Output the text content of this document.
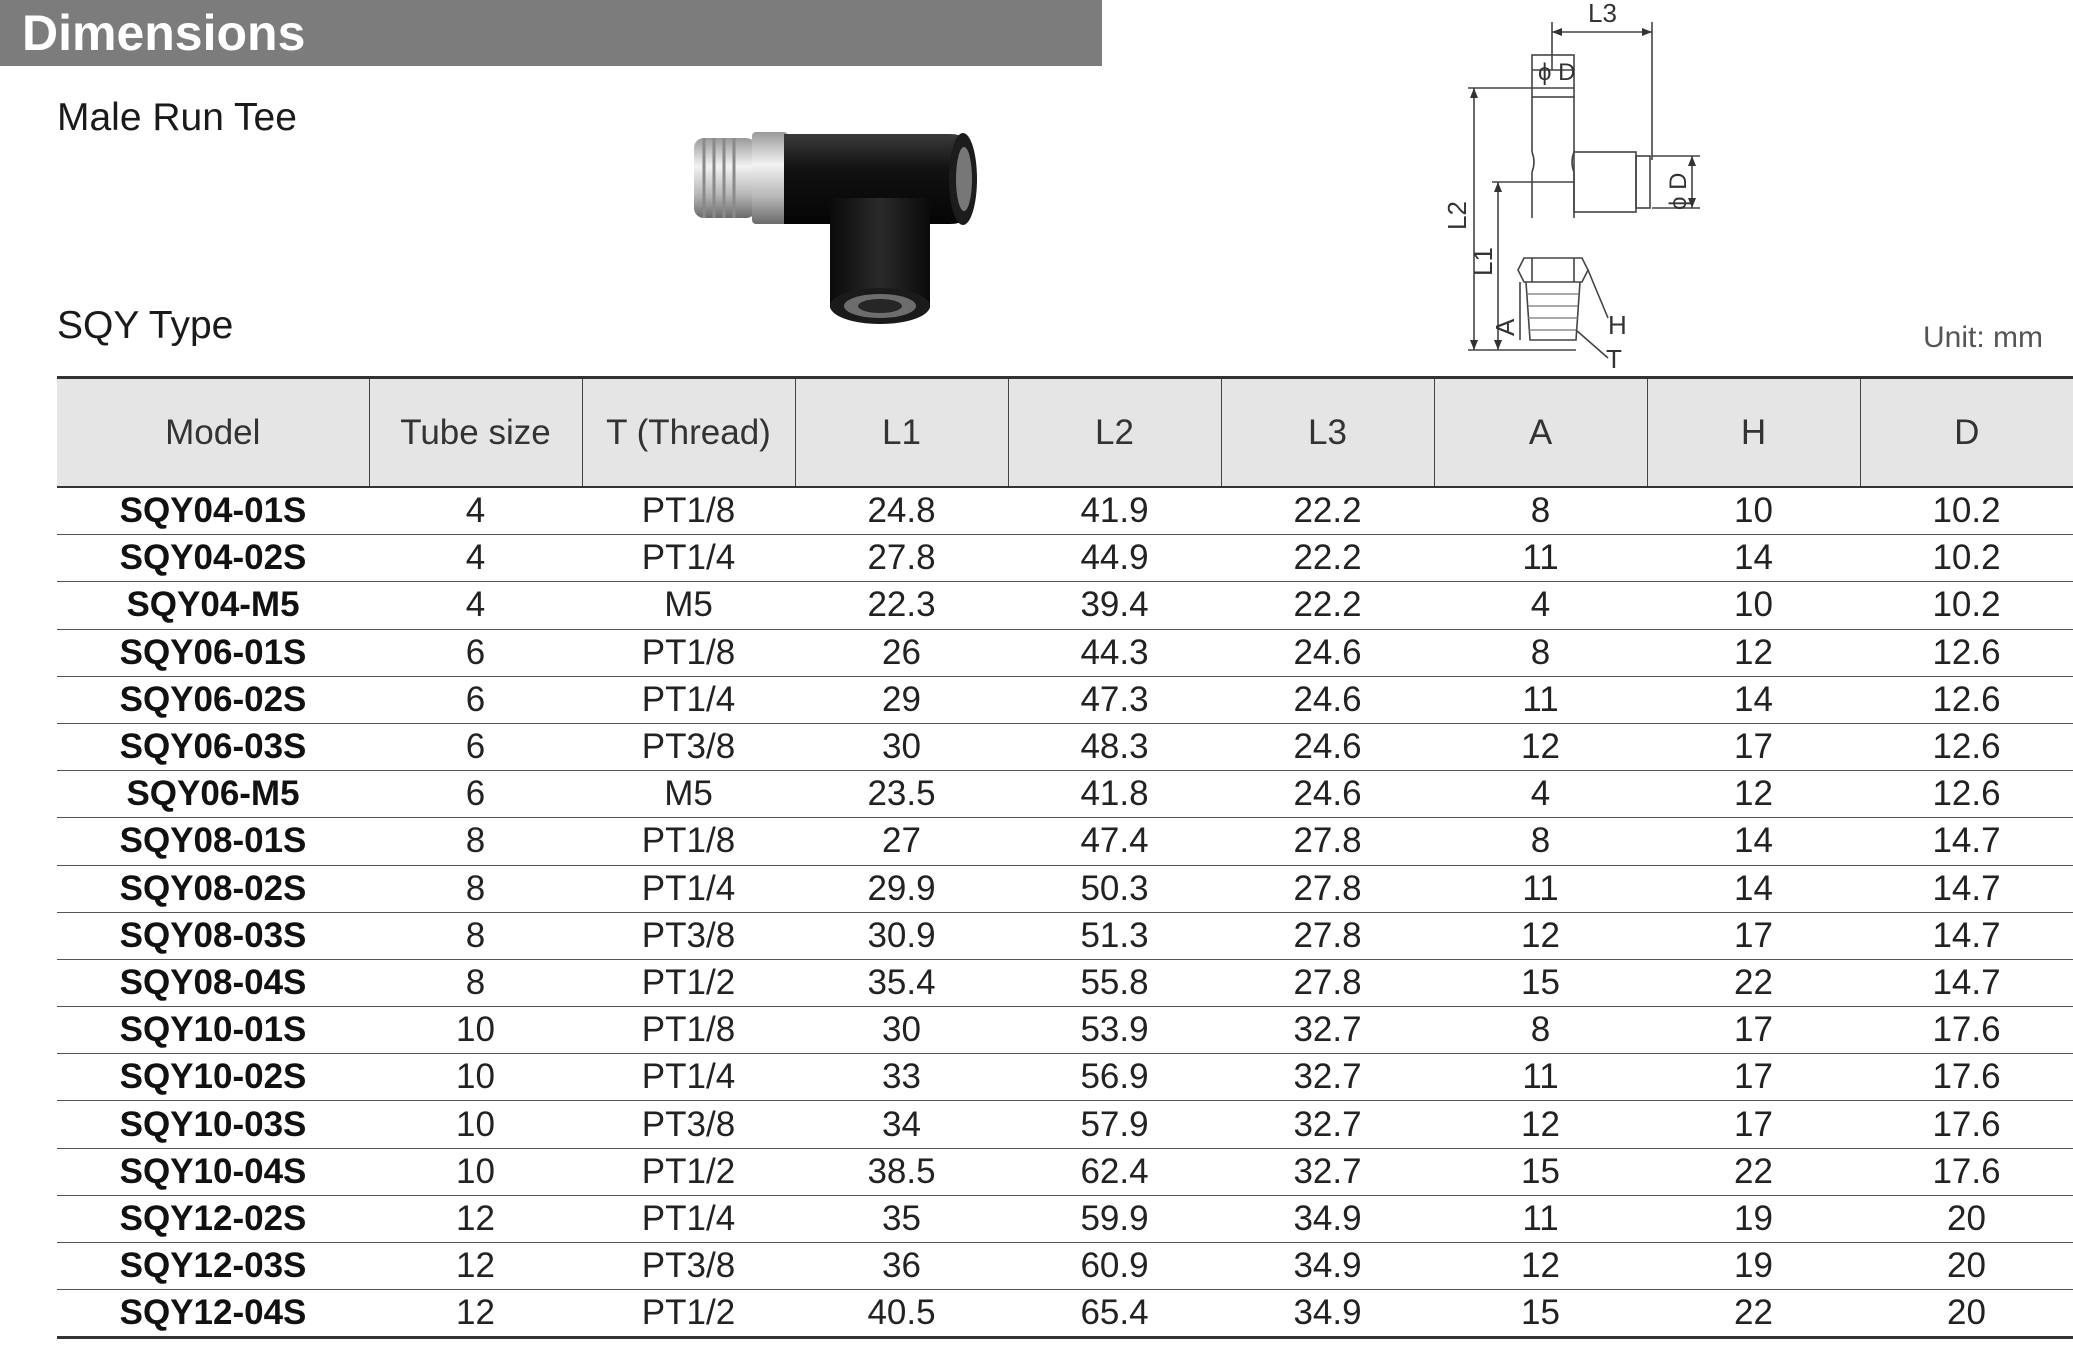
Dimensions
Male Run Tee
SQY Type	Unit: mm
L3
ϕ D
ϕ D
L2
L1
A	H
T
Model	Tube size	T (Thread)	L1	L2	L3	A	H	D
SQY04-01S	4	PT1/8	24.8	41.9	22.2	8	10	10.2
SQY04-02S	4	PT1/4	27.8	44.9	22.2	11	14	10.2
SQY04-M5	4	M5	22.3	39.4	22.2	4	10	10.2
SQY06-01S	6	PT1/8	26	44.3	24.6	8	12	12.6
SQY06-02S	6	PT1/4	29	47.3	24.6	11	14	12.6
SQY06-03S	6	PT3/8	30	48.3	24.6	12	17	12.6
SQY06-M5	6	M5	23.5	41.8	24.6	4	12	12.6
SQY08-01S	8	PT1/8	27	47.4	27.8	8	14	14.7
SQY08-02S	8	PT1/4	29.9	50.3	27.8	11	14	14.7
SQY08-03S	8	PT3/8	30.9	51.3	27.8	12	17	14.7
SQY08-04S	8	PT1/2	35.4	55.8	27.8	15	22	14.7
SQY10-01S	10	PT1/8	30	53.9	32.7	8	17	17.6
SQY10-02S	10	PT1/4	33	56.9	32.7	11	17	17.6
SQY10-03S	10	PT3/8	34	57.9	32.7	12	17	17.6
SQY10-04S	10	PT1/2	38.5	62.4	32.7	15	22	17.6
SQY12-02S	12	PT1/4	35	59.9	34.9	11	19	20
SQY12-03S	12	PT3/8	36	60.9	34.9	12	19	20
SQY12-04S	12	PT1/2	40.5	65.4	34.9	15	22	20
